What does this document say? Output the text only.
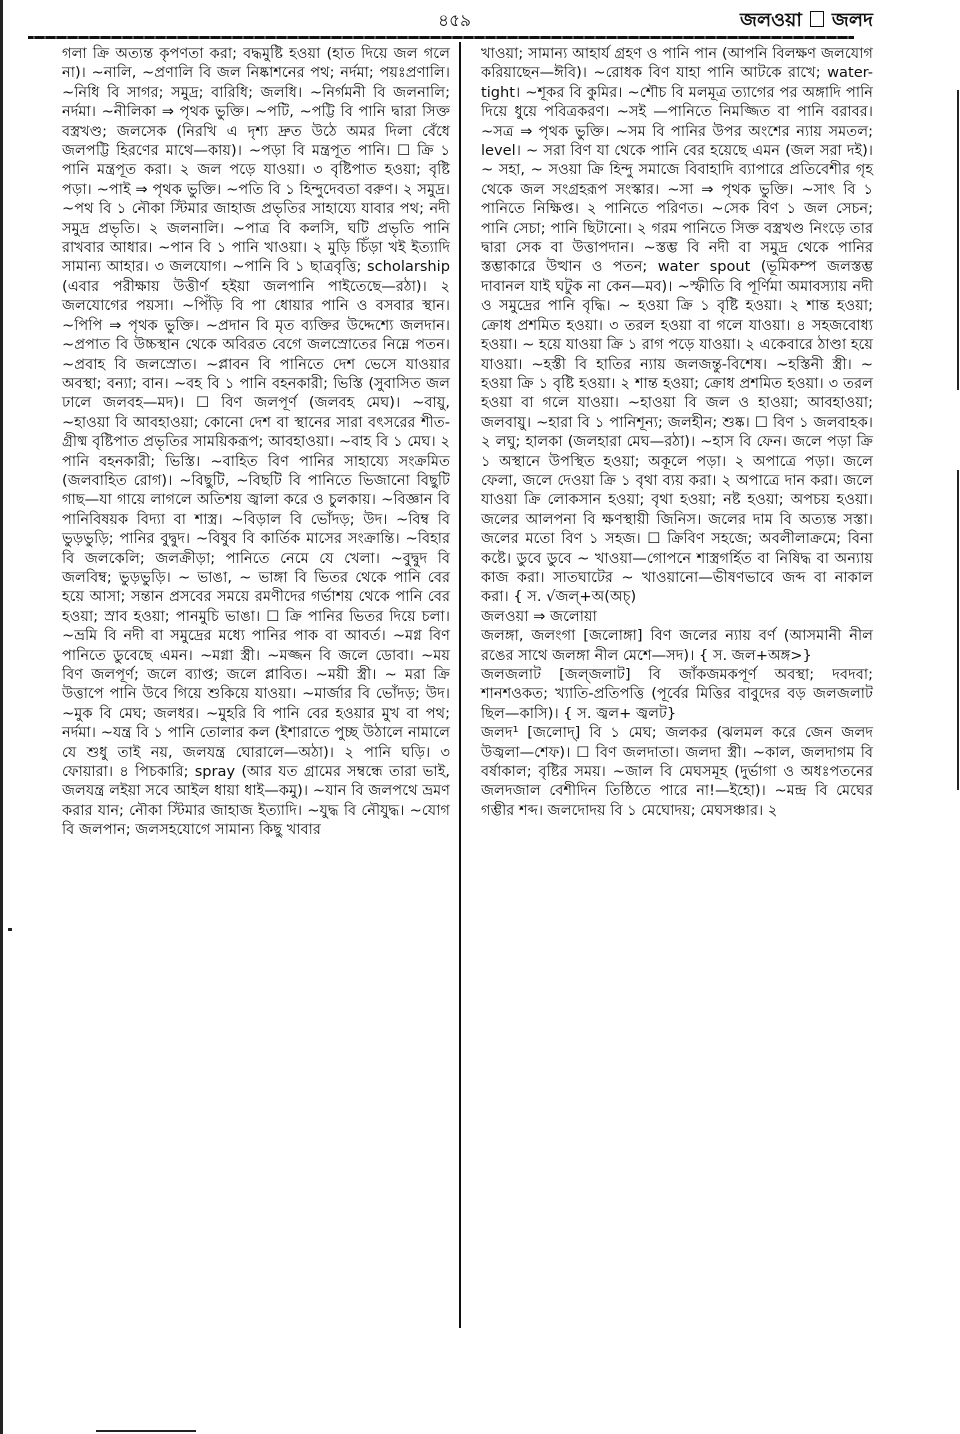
৪৫৯	জলওয়া জলদ

গলা ক্রি অত্যন্ত কৃপণতা করা; বদ্ধমুষ্টি হওয়া (হাত দিয়ে জল গলে না)। ~নালি, ~প্রণালি বি জল নিষ্কাশনের পথ; নর্দমা; পয়ঃপ্রণালি। ~নিধি বি সাগর; সমুদ্র; বারিধি; জলধি। ~নির্গমনী বি জলনালি; নর্দমা। ~নীলিকা ⇒ পৃথক ভুক্তি। ~পটি, ~পট্টি বি পানি দ্বারা সিক্ত বস্ত্রখণ্ড; জলসেক (নিরখি এ দৃশ্য দ্রুত উঠে অমর দিলা বেঁধে জলপট্টি হিরণের মাথে—কায়)। ~পড়া বি মন্ত্রপূত পানি। ☐ ক্রি ১ পানি মন্ত্রপূত করা। ২ জল পড়ে যাওয়া। ৩ বৃষ্টিপাত হওয়া; বৃষ্টি পড়া। ~পাই ⇒ পৃথক ভুক্তি। ~পতি বি ১ হিন্দুদেবতা বরুণ। ২ সমুদ্র। ~পথ বি ১ নৌকা স্টিমার জাহাজ প্রভৃতির সাহায্যে যাবার পথ; নদী সমুদ্র প্রভৃতি। ২ জলনালি। ~পাত্র বি কলসি, ঘটি প্রভৃতি পানি রাখবার আধার। ~পান বি ১ পানি খাওয়া। ২ মুড়ি চিঁড়া খই ইত্যাদি সামান্য আহার। ৩ জলযোগ। ~পানি বি ১ ছাত্রবৃত্তি; scholarship (এবার পরীক্ষায় উত্তীর্ণ হইয়া জলপানি পাইতেছে—রঠা)। ২ জলযোগের পয়সা। ~পিঁড়ি বি পা ধোয়ার পানি ও বসবার স্থান। ~পিপি ⇒ পৃথক ভুক্তি। ~প্রদান বি মৃত ব্যক্তির উদ্দেশ্যে জলদান। ~প্রপাত বি উচ্চস্থান থেকে অবিরত বেগে জলস্রোতের নিম্নে পতন। ~প্রবাহ বি জলস্রোত। ~প্লাবন বি পানিতে দেশ ভেসে যাওয়ার অবস্থা; বন্যা; বান। ~বহ বি ১ পানি বহনকারী; ভিস্তি (সুবাসিত জল ঢালে জলবহ—মদ)। ☐ বিণ জলপূর্ণ (জলবহ মেঘ)। ~বায়ু, ~হাওয়া বি আবহাওয়া; কোনো দেশ বা স্থানের সারা বৎসরের শীত-গ্রীষ্ম বৃষ্টিপাত প্রভৃতির সাময়িকরূপ; আবহাওয়া। ~বাহ বি ১ মেঘ। ২ পানি বহনকারী; ভিস্তি। ~বাহিত বিণ পানির সাহায্যে সংক্রমিত (জলবাহিত রোগ)। ~বিছুটি, ~বিছটি বি পানিতে ভিজানো বিছুটি গাছ—যা গায়ে লাগলে অতিশয় জ্বালা করে ও চুলকায়। ~বিজ্ঞান বি পানিবিষয়ক বিদ্যা বা শাস্ত্র। ~বিড়াল বি ভোঁদড়; উদ। ~বিম্ব বি ভুড়ভুড়ি; পানির বুদ্বুদ। ~বিষুব বি কার্তিক মাসের সংক্রান্তি। ~বিহার বি জলকেলি; জলক্রীড়া; পানিতে নেমে যে খেলা। ~বুদ্বুদ বি জলবিম্ব; ভুড়ভুড়ি। ~ ভাঙা, ~ ভাঙ্গা বি ভিতর থেকে পানি বের হয়ে আসা; সন্তান প্রসবের সময়ে রমণীদের গর্ভাশয় থেকে পানি বের হওয়া; স্রাব হওয়া; পানমুচি ভাঙা। ☐ ক্রি পানির ভিতর দিয়ে চলা। ~ভ্রমি বি নদী বা সমুদ্রের মধ্যে পানির পাক বা আবর্ত। ~মগ্ন বিণ পানিতে ডুবেছে এমন। ~মগ্না স্ত্রী। ~মজ্জন বি জলে ডোবা। ~ময় বিণ জলপূর্ণ; জলে ব্যাপ্ত; জলে প্লাবিত। ~ময়ী স্ত্রী। ~ মরা ক্রি উত্তাপে পানি উবে গিয়ে শুকিয়ে যাওয়া। ~মার্জার বি ভোঁদড়; উদ। ~মুক বি মেঘ; জলধর। ~মুহরি বি পানি বের হওয়ার মুখ বা পথ; নর্দমা। ~যন্ত্র বি ১ পানি তোলার কল (ইশারাতে পুচ্ছ উঠালে নামালে যে শুধু তাই নয়, জলযন্ত্র ঘোরালে—অঠা)। ২ পানি ঘড়ি। ৩ ফোয়ারা। ৪ পিচকারি; spray (আর যত গ্রামের সম্বন্ধে তারা ভাই, জলযন্ত্র লইয়া সবে আইল ধায়া ধাই—কমু)। ~যান বি জলপথে ভ্রমণ করার যান; নৌকা স্টিমার জাহাজ ইত্যাদি। ~যুদ্ধ বি নৌযুদ্ধ। ~যোগ বি জলপান; জলসহযোগে সামান্য কিছু খাবার

খাওয়া; সামান্য আহার্য গ্রহণ ও পানি পান (আপনি বিলক্ষণ জলযোগ করিয়াছেন—ঈবি)। ~রোধক বিণ যাহা পানি আটকে রাখে; water-tight। ~শূকর বি কুমির। ~শৌচ বি মলমূত্র ত্যাগের পর অঙ্গাদি পানি দিয়ে ধুয়ে পবিত্রকরণ। ~সই —পানিতে নিমজ্জিত বা পানি বরাবর। ~সত্র ⇒ পৃথক ভুক্তি। ~সম বি পানির উপর অংশের ন্যায় সমতল; level। ~ সরা বিণ যা থেকে পানি বের হয়েছে এমন (জল সরা দই)। ~ সহা, ~ সওয়া ক্রি হিন্দু সমাজে বিবাহাদি ব্যাপারে প্রতিবেশীর গৃহ থেকে জল সংগ্রহরূপ সংস্কার। ~সা ⇒ পৃথক ভুক্তি। ~সাৎ বি ১ পানিতে নিক্ষিপ্ত। ২ পানিতে পরিণত। ~সেক বিণ ১ জল সেচন; পানি সেচা; পানি ছিটানো। ২ গরম পানিতে সিক্ত বস্ত্রখণ্ড নিংড়ে তার দ্বারা সেক বা উত্তাপদান। ~স্তম্ভ বি নদী বা সমুদ্র থেকে পানির স্তম্ভাকারে উত্থান ও পতন; water spout (ভূমিকম্প জলস্তম্ভ দাবানল যাই ঘটুক না কেন—মব)। ~স্ফীতি বি পূর্ণিমা অমাবস্যায় নদী ও সমুদ্রের পানি বৃদ্ধি। ~ হওয়া ক্রি ১ বৃষ্টি হওয়া। ২ শান্ত হওয়া; ক্রোধ প্রশমিত হওয়া। ৩ তরল হওয়া বা গলে যাওয়া। ৪ সহজবোধ্য হওয়া। ~ হয়ে যাওয়া ক্রি ১ রাগ পড়ে যাওয়া। ২ একেবারে ঠাণ্ডা হয়ে যাওয়া। ~হস্তী বি হাতির ন্যায় জলজন্তু-বিশেষ। ~হস্তিনী স্ত্রী। ~ হওয়া ক্রি ১ বৃষ্টি হওয়া। ২ শান্ত হওয়া; ক্রোধ প্রশমিত হওয়া। ৩ তরল হওয়া বা গলে যাওয়া। ~হাওয়া বি জল ও হাওয়া; আবহাওয়া; জলবায়ু। ~হারা বি ১ পানিশূন্য; জলহীন; শুষ্ক। ☐ বিণ ১ জলবাহক। ২ লঘু; হালকা (জলহারা মেঘ—রঠা)। ~হাস বি ফেন। জলে পড়া ক্রি ১ অস্থানে উপস্থিত হওয়া; অকূলে পড়া। ২ অপাত্রে পড়া। জলে ফেলা, জলে দেওয়া ক্রি ১ বৃথা ব্যয় করা। ২ অপাত্রে দান করা। জলে যাওয়া ক্রি লোকসান হওয়া; বৃথা হওয়া; নষ্ট হওয়া; অপচয় হওয়া। জলের আলপনা বি ক্ষণস্থায়ী জিনিস। জলের দাম বি অত্যন্ত সস্তা। জলের মতো বিণ ১ সহজ। ☐ ক্রিবিণ সহজে; অবলীলাক্রমে; বিনা কষ্টে। ডুবে ডুবে ~ খাওয়া—গোপনে শাস্ত্রগর্হিত বা নিষিদ্ধ বা অন্যায় কাজ করা। সাতঘাটের ~ খাওয়ানো—ভীষণভাবে জব্দ বা নাকাল করা। { স. √জল্+অ(অচ্)

জলওয়া ⇒ জলোয়া

জলঙ্গা, জলংগা [জলোঙ্গা] বিণ জলের ন্যায় বর্ণ (আসমানী নীল রঙের সাথে জলঙ্গা নীল মেশে—সদ)। { স. জল+অঙ্গ>}

জলজলাট [জল্‌জলাট] বি জাঁকজমকপূর্ণ অবস্থা; দবদবা; শানশওকত; খ্যাতি-প্রতিপত্তি (পূর্বের মিত্তির বাবুদের বড় জলজলাট ছিল—কাসি)। { স. জ্বল+ জ্বলট}

জলদ¹ [জলোদ্] বি ১ মেঘ; জলকর (ঝলমল করে জেন জলদ উজ্বলা—শেফ)। ☐ বিণ জলদাতা। জলদা স্ত্রী। ~কাল, জলদাগম বি বর্ষাকাল; বৃষ্টির সময়। ~জাল বি মেঘসমূহ (দুর্ভাগা ও অধঃপতনের জলদজাল বেশীদিন তিষ্ঠিতে পারে না!—ইহো)। ~মন্দ্র বি মেঘের গম্ভীর শব্দ। জলদোদয় বি ১ মেঘোদয়; মেঘসঞ্চার। ২
